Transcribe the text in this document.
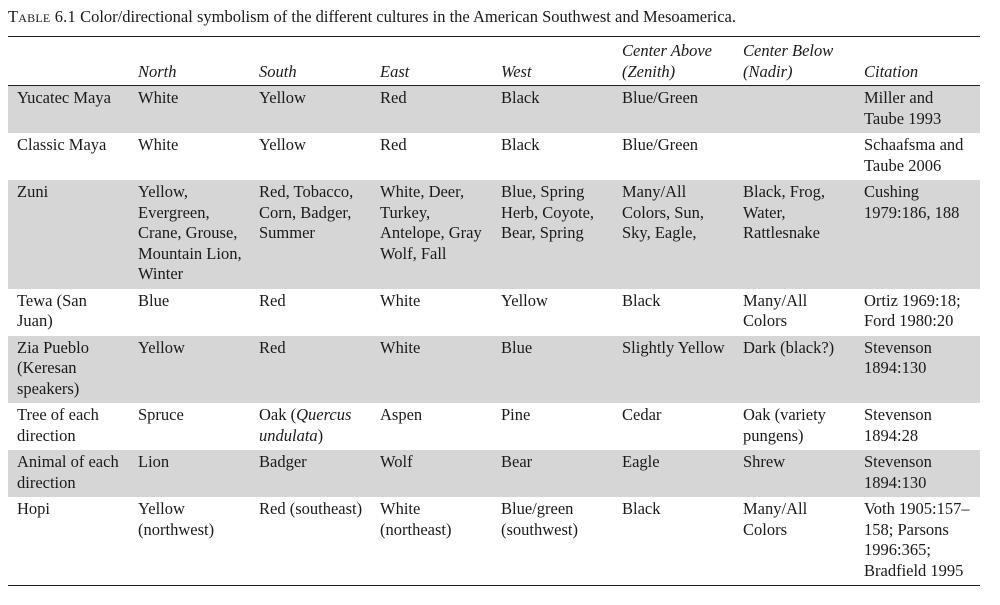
Table 6.1 Color/directional symbolism of the different cultures in the American Southwest and Mesoamerica.
	North	South	East	West	Center Above (Zenith)	Center Below (Nadir)	Citation
Yucatec Maya	White	Yellow	Red	Black	Blue/Green		Miller and Taube 1993
Classic Maya	White	Yellow	Red	Black	Blue/Green		Schaafsma and Taube 2006
Zuni	Yellow, Evergreen, Crane, Grouse, Mountain Lion, Winter	Red, Tobacco, Corn, Badger, Summer	White, Deer, Turkey, Antelope, Gray Wolf, Fall	Blue, Spring Herb, Coyote, Bear, Spring	Many/All Colors, Sun, Sky, Eagle,	Black, Frog, Water, Rattlesnake	Cushing 1979:186, 188
Tewa (San Juan)	Blue	Red	White	Yellow	Black	Many/All Colors	Ortiz 1969:18; Ford 1980:20
Zia Pueblo (Keresan speakers)	Yellow	Red	White	Blue	Slightly Yellow	Dark (black?)	Stevenson 1894:130
Tree of each direction	Spruce	Oak (Quercus undulata)	Aspen	Pine	Cedar	Oak (variety pungens)	Stevenson 1894:28
Animal of each direction	Lion	Badger	Wolf	Bear	Eagle	Shrew	Stevenson 1894:130
Hopi	Yellow (northwest)	Red (southeast)	White (northeast)	Blue/green (southwest)	Black	Many/All Colors	Voth 1905:157–158; Parsons 1996:365; Bradfield 1995
